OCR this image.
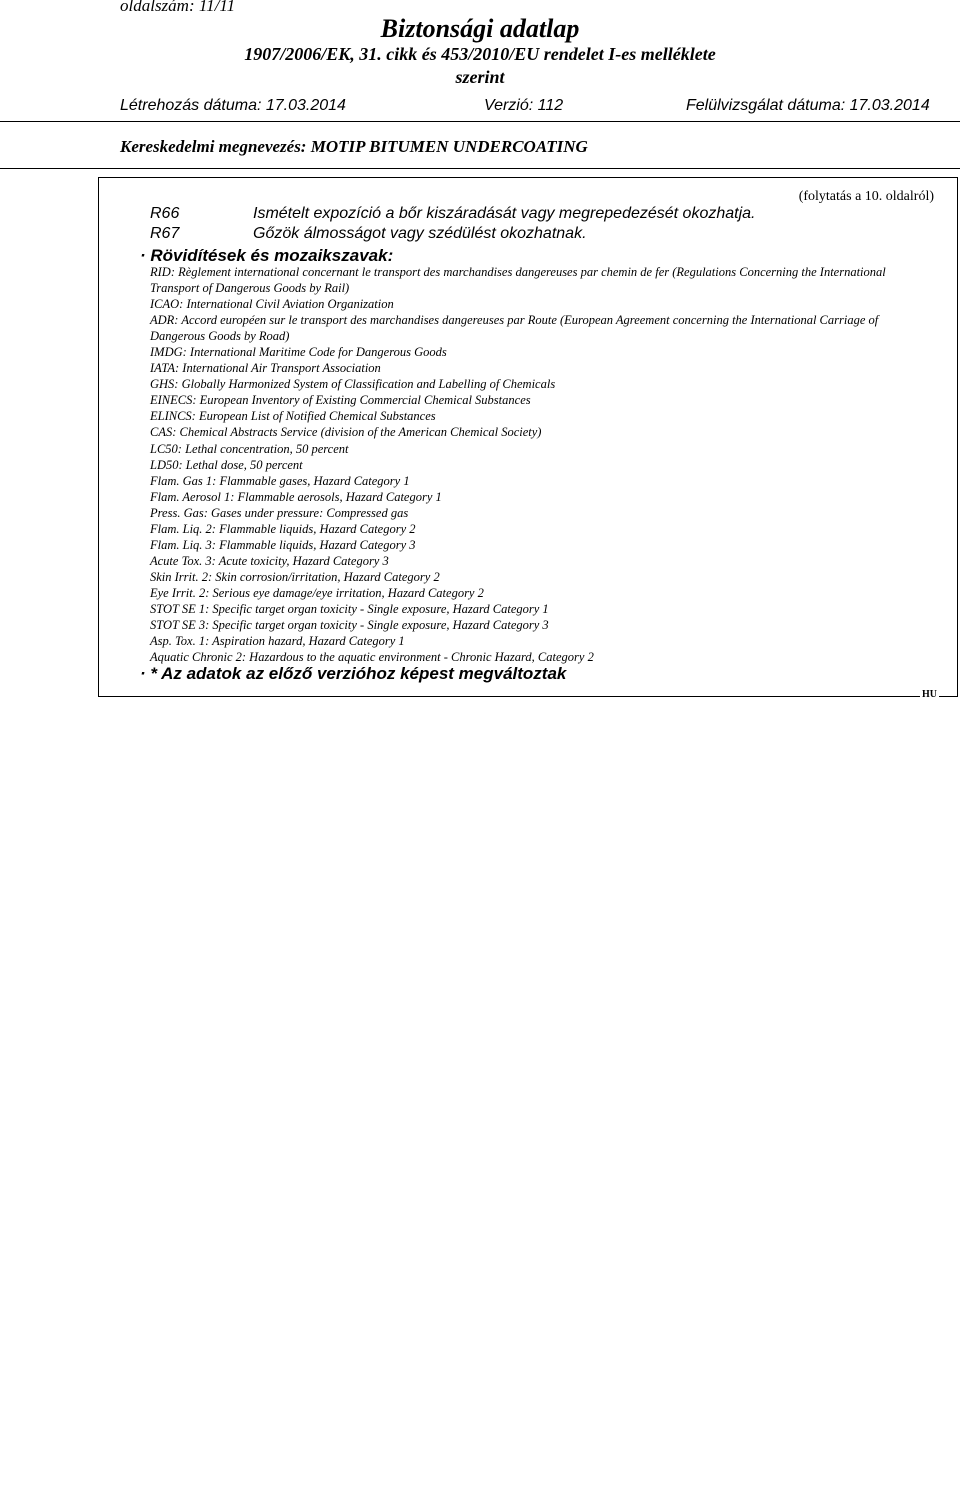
oldalszám: 11/11
Biztonsági adatlap
1907/2006/EK, 31. cikk és 453/2010/EU rendelet I-es melléklete
szerint
Létrehozás dátuma: 17.03.2014	Verzió: 112	Felülvizsgálat dátuma: 17.03.2014
Kereskedelmi megnevezés: MOTIP BITUMEN UNDERCOATING
(folytatás a 10. oldalról)
R66	Ismételt expozíció a bőr kiszáradását vagy megrepedezését okozhatja.
R67	Gőzök álmosságot vagy szédülést okozhatnak.
· Rövidítések és mozaikszavak:
RID: Règlement international concernant le transport des marchandises dangereuses par chemin de fer (Regulations Concerning the International Transport of Dangerous Goods by Rail)
ICAO: International Civil Aviation Organization
ADR: Accord européen sur le transport des marchandises dangereuses par Route (European Agreement concerning the International Carriage of Dangerous Goods by Road)
IMDG: International Maritime Code for Dangerous Goods
IATA: International Air Transport Association
GHS: Globally Harmonized System of Classification and Labelling of Chemicals
EINECS: European Inventory of Existing Commercial Chemical Substances
ELINCS: European List of Notified Chemical Substances
CAS: Chemical Abstracts Service (division of the American Chemical Society)
LC50: Lethal concentration, 50 percent
LD50: Lethal dose, 50 percent
Flam. Gas 1: Flammable gases, Hazard Category 1
Flam. Aerosol 1: Flammable aerosols, Hazard Category 1
Press. Gas: Gases under pressure: Compressed gas
Flam. Liq. 2: Flammable liquids, Hazard Category 2
Flam. Liq. 3: Flammable liquids, Hazard Category 3
Acute Tox. 3: Acute toxicity, Hazard Category 3
Skin Irrit. 2: Skin corrosion/irritation, Hazard Category 2
Eye Irrit. 2: Serious eye damage/eye irritation, Hazard Category 2
STOT SE 1: Specific target organ toxicity - Single exposure, Hazard Category 1
STOT SE 3: Specific target organ toxicity - Single exposure, Hazard Category 3
Asp. Tox. 1: Aspiration hazard, Hazard Category 1
Aquatic Chronic 2: Hazardous to the aquatic environment - Chronic Hazard, Category 2
· * Az adatok az előző verzióhoz képest megváltoztak
HU
